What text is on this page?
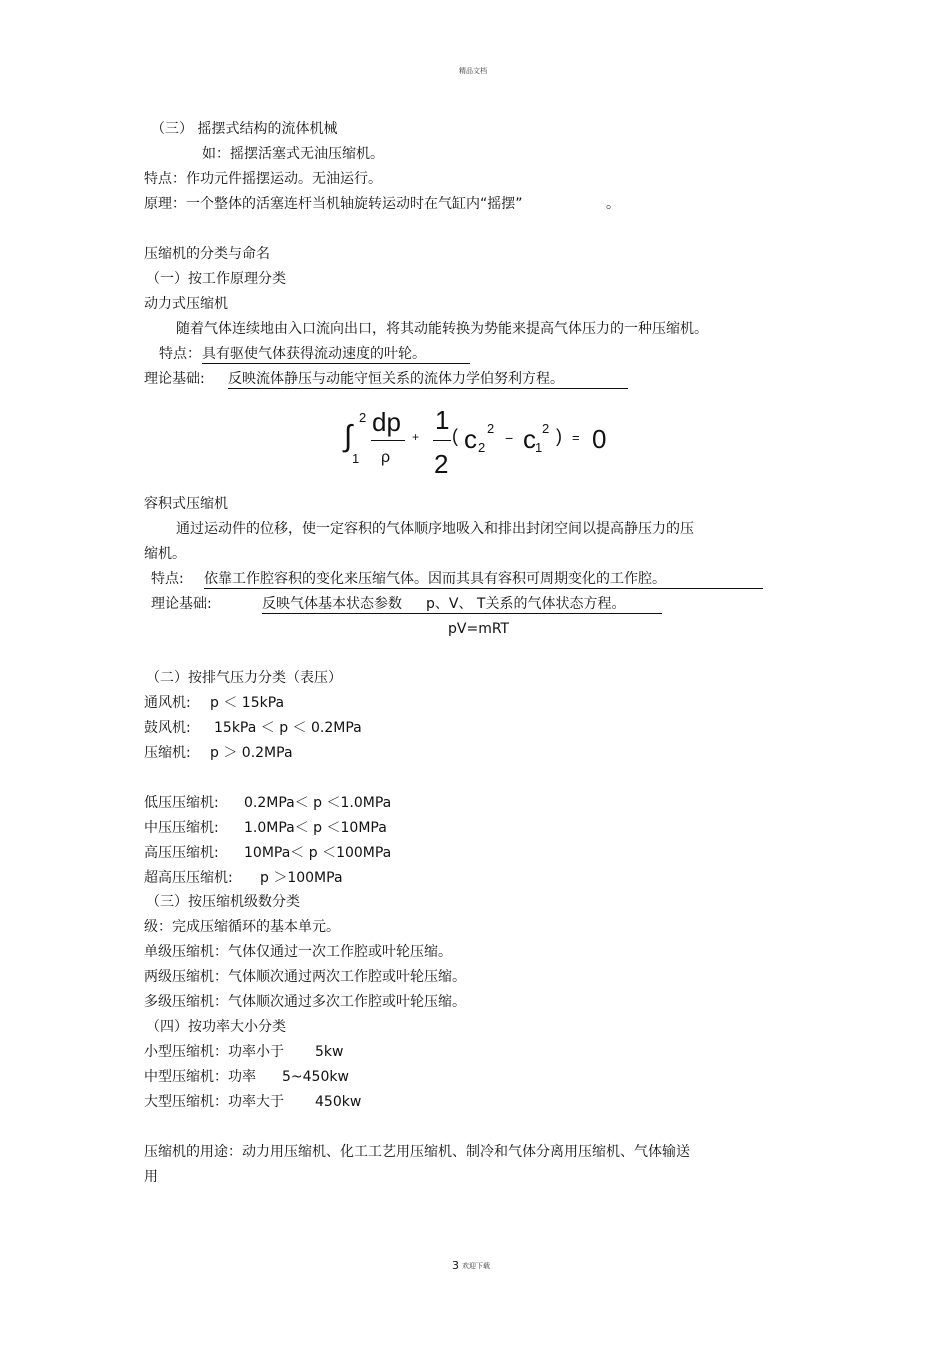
精品文档
（三） 摇摆式结构的流体机械
如：摇摆活塞式无油压缩机。
特点：作功元件摇摆运动。无油运行。
原理：一个整体的活塞连杆当机轴旋转运动时在气缸内“摇摆”	。
压缩机的分类与命名
（一）按工作原理分类
动力式压缩机
随着气体连续地由入口流向出口，将其动能转换为势能来提高气体压力的一种压缩机。
特点： 具有驱使气体获得流动速度的叶轮。
理论基础: 反映流体静压与动能守恒关系的流体力学伯努利方程。
∫
2
1
dp
ρ
+
1
2
( c 2
2
− c 1
2 ) = 0
容积式压缩机
通过运动件的位移，使一定容积的气体顺序地吸入和排出封闭空间以提高静压力的压
缩机。
特点: 依靠工作腔容积的变化来压缩气体。因而其具有容积可周期变化的工作腔。
理论基础:	反映气体基本状态参数 p、V、 T关系的气体状态方程。
pV=mRT
（二）按排气压力分类（表压）
通风机: p ＜ 15kPa
鼓风机: 15kPa ＜ p ＜ 0.2MPa
压缩机: p ＞ 0.2MPa
低压压缩机: 0.2MPa＜ p ＜1.0MPa
中压压缩机: 1.0MPa＜ p ＜10MPa
高压压缩机: 10MPa＜ p ＜100MPa
超高压压缩机: p ＞100MPa
（三）按压缩机级数分类
级：完成压缩循环的基本单元。
单级压缩机：气体仅通过一次工作腔或叶轮压缩。
两级压缩机：气体顺次通过两次工作腔或叶轮压缩。
多级压缩机：气体顺次通过多次工作腔或叶轮压缩。
（四）按功率大小分类
小型压缩机：功率小于 5kw
中型压缩机：功率 5~450kw
大型压缩机：功率大于 450kw
压缩机的用途：动力用压缩机、化工工艺用压缩机、制冷和气体分离用压缩机、气体输送
用
3 欢迎下载
